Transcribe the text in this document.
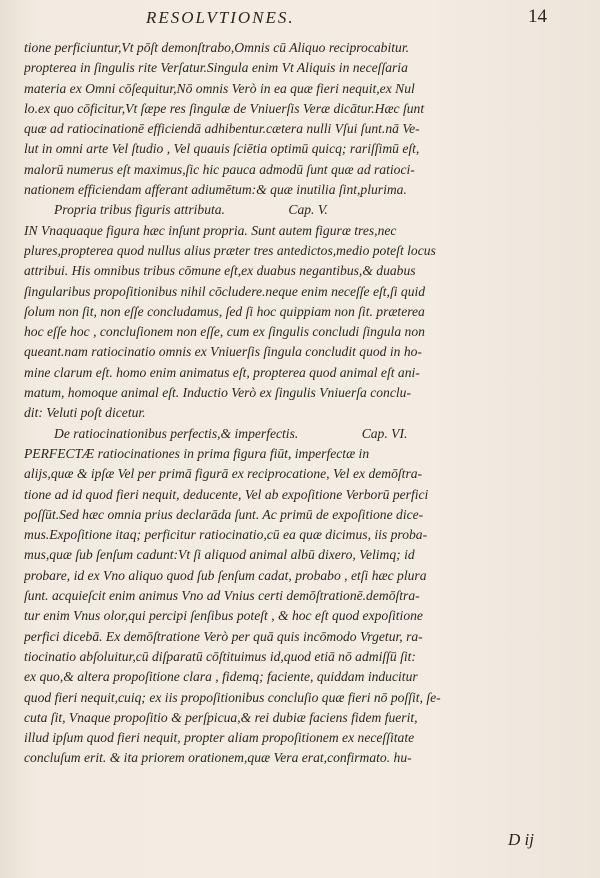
RESOLVTIONES.	14
tione perficiuntur,Vt pōſt demonſtrabo,Omnis cū Aliquo reciprocabitur.
propterea in ſingulis rite Verſatur.Singula enim Vt Aliquis in neceſſaria
materia ex Omni cōſequitur,Nō omnis Verò in ea quæ fieri nequit,ex Nul
lo.ex quo cōficitur,Vt ſæpe res ſingulæ de Vniuerſis Veræ dicātur.Hæc ſunt
quæ ad ratiocinationē efficiendā adhibentur.cætera nulli Vſui ſunt.nā Ve-
lut in omni arte Vel ſtudio , Vel quauis ſciētia optimū quicq; rariſſimū eſt,
malorū numerus eſt maximus,ſic hic pauca admodū ſunt quæ ad ratioci-
nationem efficiendam afferant adiumētum:& quæ inutilia ſint,plurima.
Propria tribus figuris attributa.	Cap. V.
IN Vnaquaque figura hæc inſunt propria. Sunt autem figuræ tres,nec
plures,propterea quod nullus alius præter tres antedictos,medio poteſt locus
attribui. His omnibus tribus cōmune eſt,ex duabus negantibus,& duabus
ſingularibus propoſitionibus nihil cōcludere.neque enim neceſſe eſt,ſi quid
ſolum non ſit, non eſſe concludamus, ſed ſi hoc quippiam non ſit. præterea
hoc eſſe hoc , concluſionem non eſſe, cum ex ſingulis concludi ſingula non
queant.nam ratiocinatio omnis ex Vniuerſis ſingula concludit quod in ho-
mine clarum eſt. homo enim animatus eſt, propterea quod animal eſt ani-
matum, homoque animal eſt. Inductio Verò ex ſingulis Vniuerſa conclu-
dit: Veluti poſt dicetur.
De ratiocinationibus perfectis,& imperfectis.	Cap. VI.
PERFECTÆ ratiocinationes in prima figura fiūt, imperfectæ in
alijs,quæ & ipſæ Vel per primā figurā ex reciprocatione, Vel ex demōſtra-
tione ad id quod fieri nequit, deducente, Vel ab expoſitione Verborū perfici
poſſūt.Sed hæc omnia prius declarāda ſunt. Ac primū de expoſitione dice-
mus.Expoſitione itaq; perficitur ratiocinatio,cū ea quæ dicimus, iis proba-
mus,quæ ſub ſenſum cadunt:Vt ſi aliquod animal albū dixero, Velimq; id
probare, id ex Vno aliquo quod ſub ſenſum cadat, probabo , etſi hæc plura
ſunt. acquieſcit enim animus Vno ad Vnius certi demōſtrationē.demōſtra-
tur enim Vnus olor,qui percipi ſenſibus poteſt , & hoc eſt quod expoſitione
perfici dicebā. Ex demōſtratione Verò per quā quis incōmodo Vrgetur, ra-
tiocinatio abſoluitur,cū diſparatū cōſtituimus id,quod etiā nō admiſſū ſit:
ex quo,& altera propoſitione clara , fidemq; faciente, quiddam inducitur
quod fieri nequit,cuiq; ex iis propoſitionibus concluſio quæ fieri nō poſſit, ſe-
cuta ſit, Vnaque propoſitio & perſpicua,& rei dubiæ faciens fidem fuerit,
illud ipſum quod fieri nequit, propter aliam propoſitionem ex neceſſitate
concluſum erit. & ita priorem orationem,quæ Vera erat,confirmato. hu-
D ij
